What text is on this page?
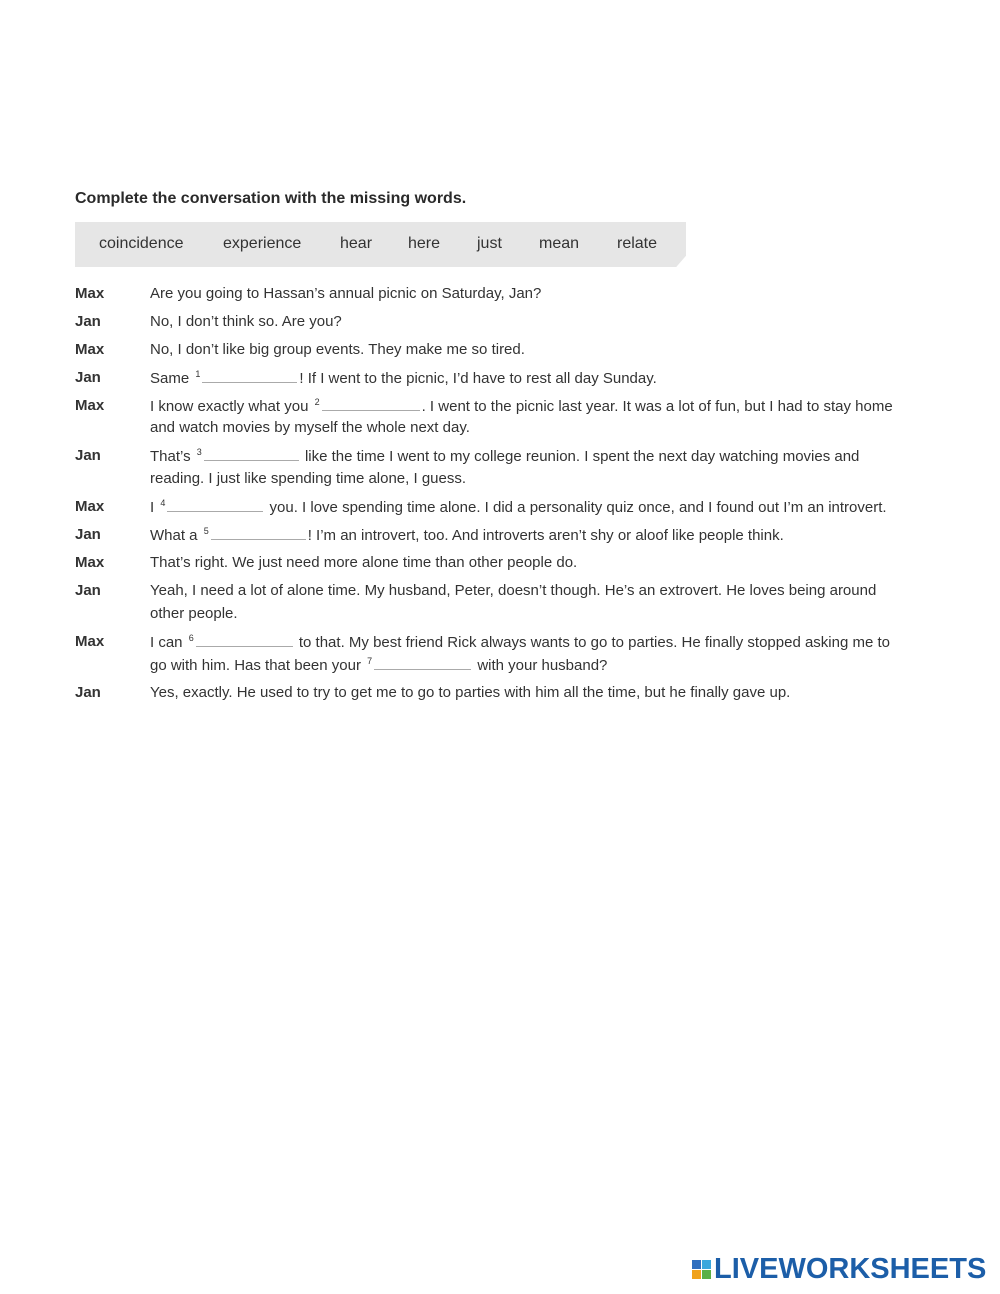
Complete the conversation with the missing words.
coincidence experience hear here just mean relate
Max	Are you going to Hassan’s annual picnic on Saturday, Jan?
Jan	No, I don’t think so. Are you?
Max	No, I don’t like big group events. They make me so tired.
Jan	Same $^1$	! If I went to the picnic, I’d have to rest all day Sunday.
Max	I know exactly what you $^2$	. I went to the picnic last year. It was a lot of fun, but I had to stay home
and watch movies by myself the whole next day.
Jan	That’s $^3$	like the time I went to my college reunion. I spent the next day watching movies and
reading. I just like spending time alone, I guess.
Max	I $^4$	you. I love spending time alone. I did a personality quiz once, and I found out I’m an introvert.
Jan	What a $^5$	! I’m an introvert, too. And introverts aren’t shy or aloof like people think.
Max	That’s right. We just need more alone time than other people do.
Jan	Yeah, I need a lot of alone time. My husband, Peter, doesn’t though. He’s an extrovert. He loves being around
other people.
Max	I can $^6$	to that. My best friend Rick always wants to go to parties. He finally stopped asking me to
go with him. Has that been your $^7$	with your husband?
Jan	Yes, exactly. He used to try to get me to go to parties with him all the time, but he finally gave up.
LIVEWORKSHEETS
